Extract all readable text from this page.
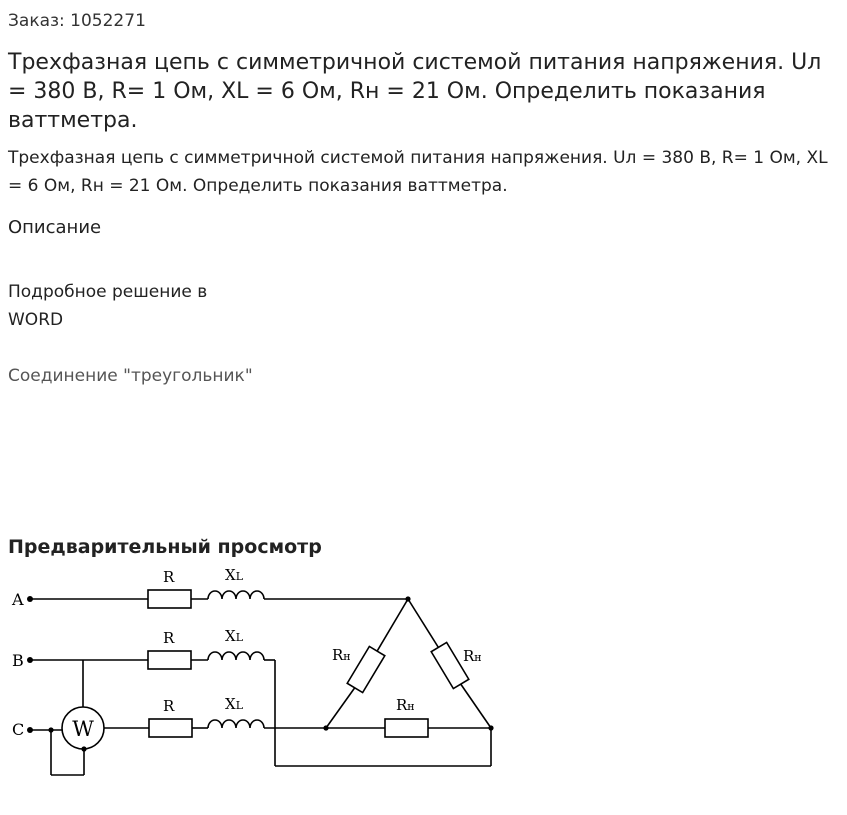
Заказ: 1052271
Трехфазная цепь с симметричной системой питания напряжения. Uл = 380 В, R= 1 Ом, XL = 6 Ом, Rн = 21 Ом. Определить показания ваттметра.

Трехфазная цепь с симметричной системой питания напряжения. Uл = 380 В, R= 1 Ом, XL = 6 Ом, Rн = 21 Ом. Определить показания ваттметра.

Описание

Подробное решение в WORD

Соединение "треугольник"

Предварительный просмотр
W
A
B
C
R
R
R
XL
XL
XL
Rн	Rн
Rн
